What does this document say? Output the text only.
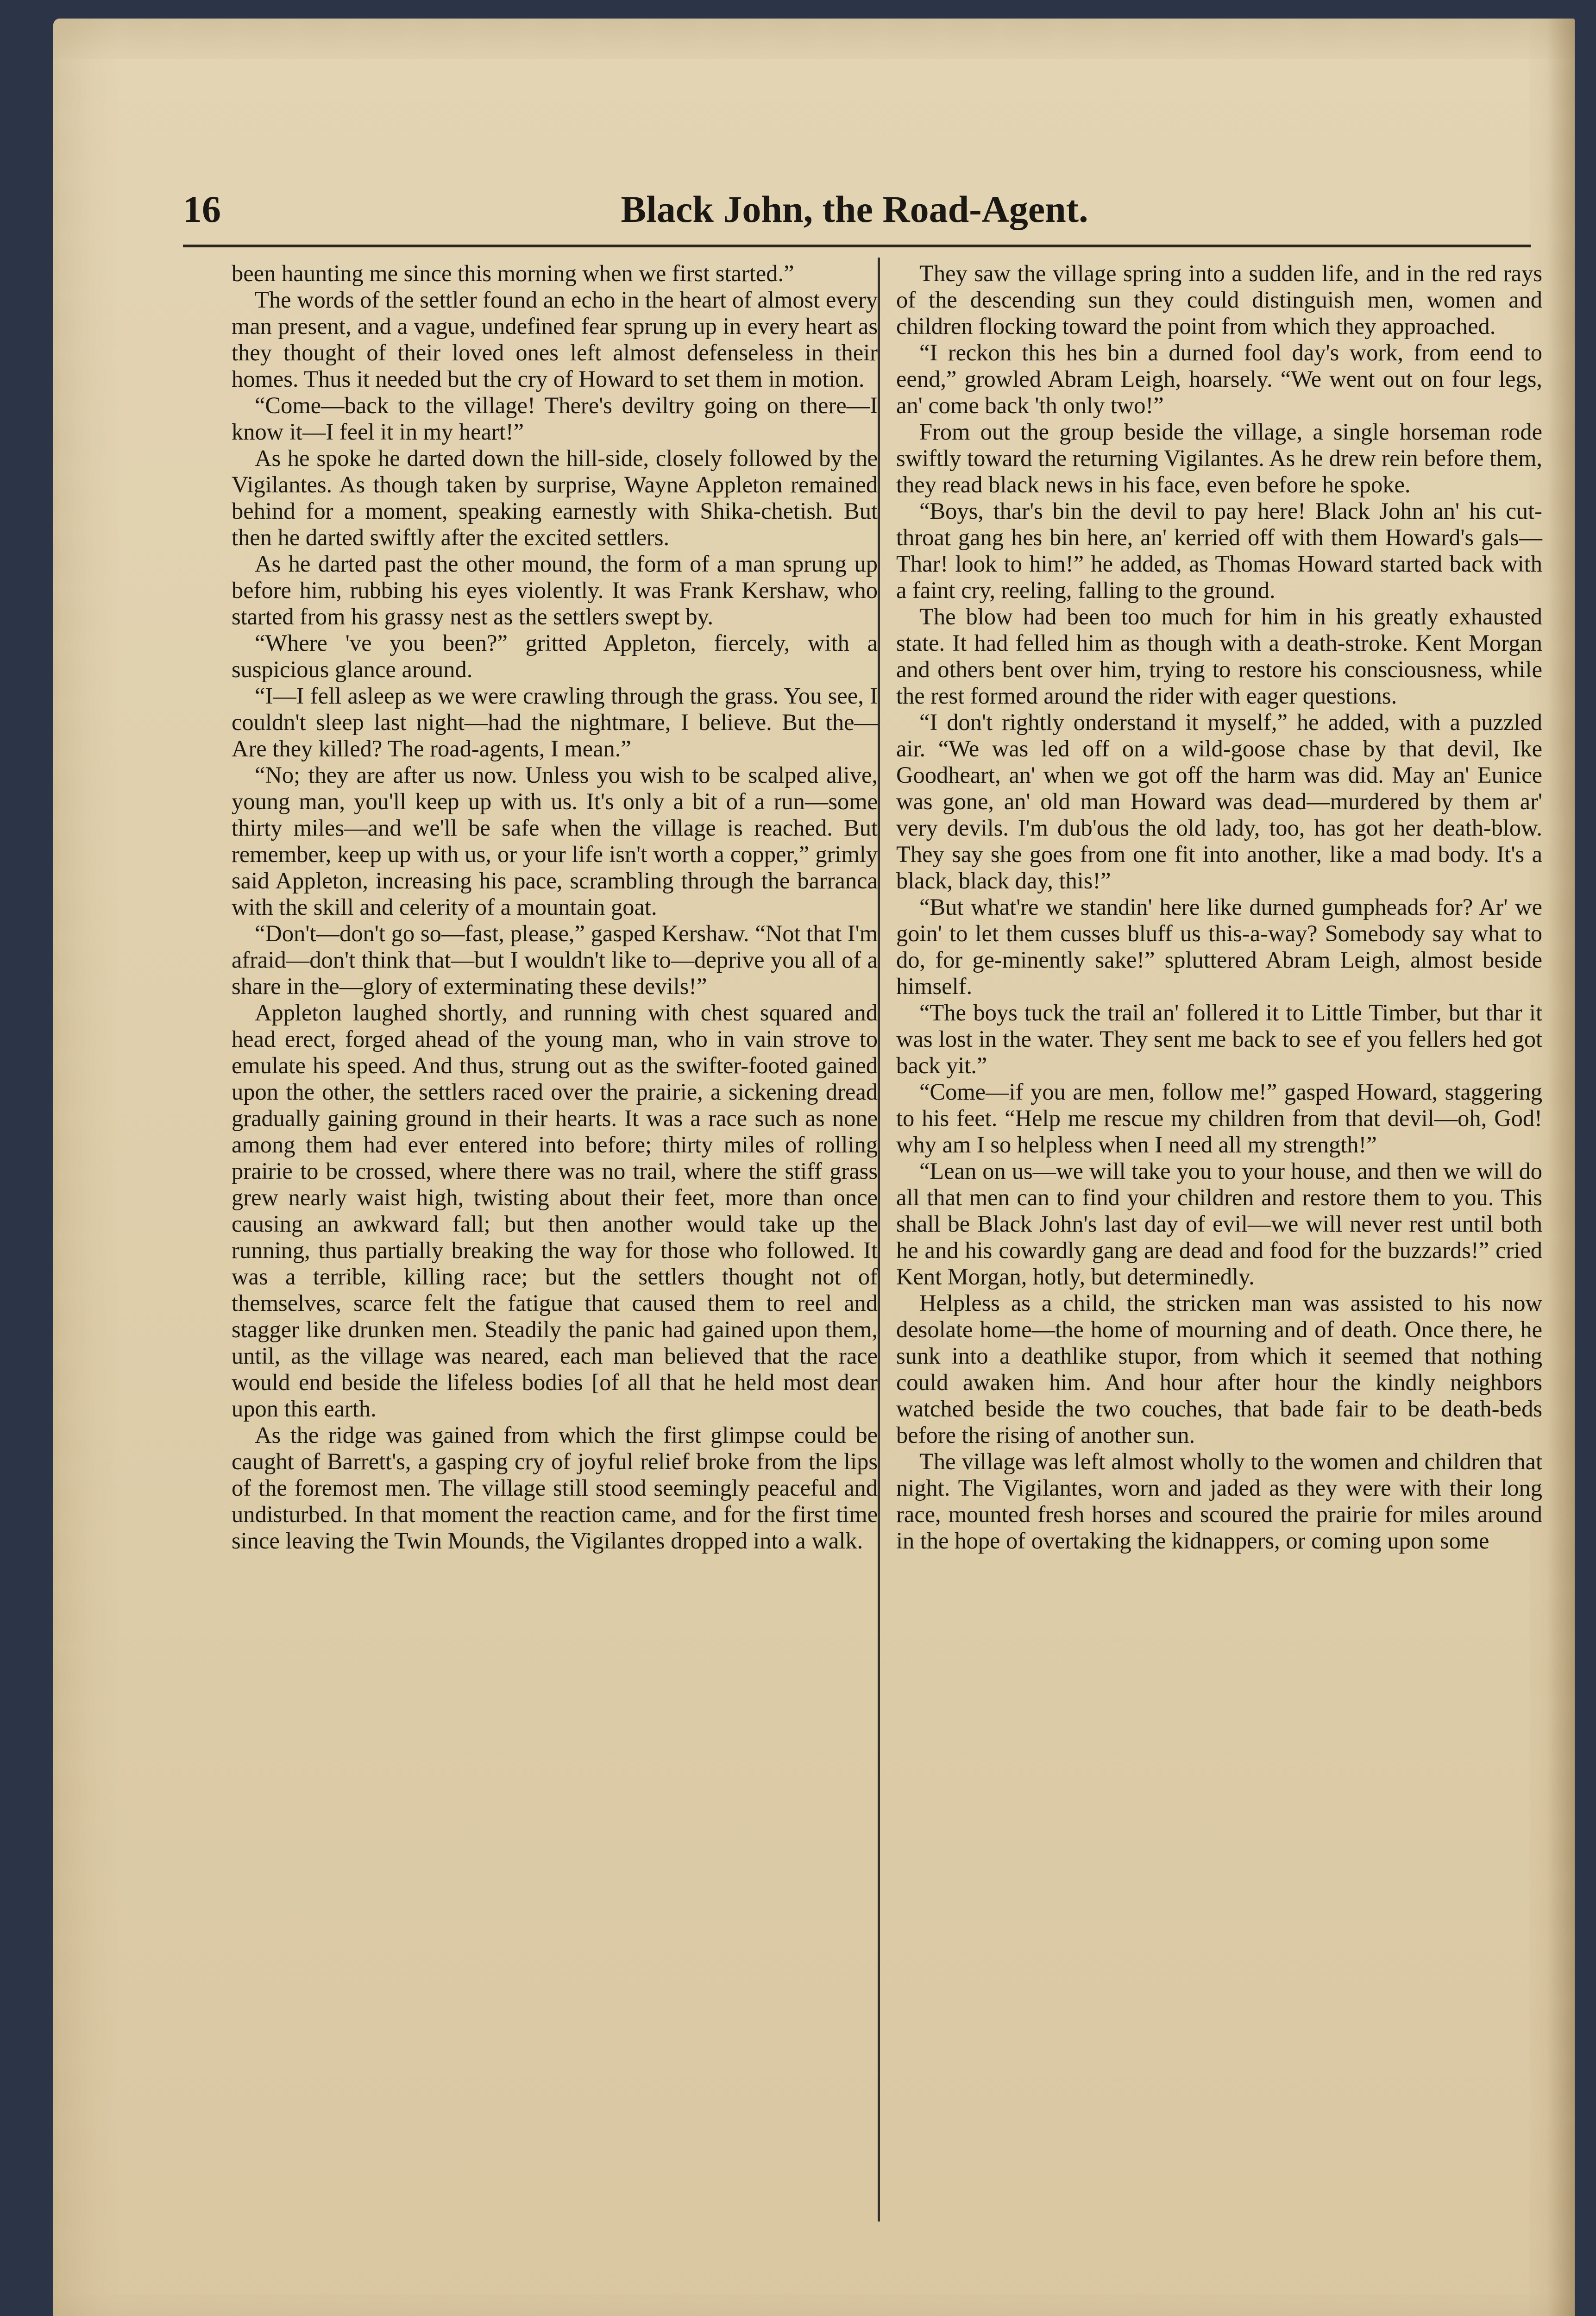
16	Black John, the Road-Agent.

been haunting me since this morning when we first started.”

The words of the settler found an echo in the heart of almost every man present, and a vague, undefined fear sprung up in every heart as they thought of their loved ones left almost defenseless in their homes. Thus it needed but the cry of Howard to set them in motion.

“Come—back to the village! There's deviltry going on there—I know it—I feel it in my heart!”

As he spoke he darted down the hill-side, closely followed by the Vigilantes. As though taken by surprise, Wayne Appleton remained behind for a moment, speaking earnestly with Shika-chetish. But then he darted swiftly after the excited settlers.

As he darted past the other mound, the form of a man sprung up before him, rubbing his eyes violently. It was Frank Kershaw, who started from his grassy nest as the settlers swept by.

“Where 've you been?” gritted Appleton, fiercely, with a suspicious glance around.

“I—I fell asleep as we were crawling through the grass. You see, I couldn't sleep last night—had the nightmare, I believe. But the— Are they killed? The road-agents, I mean.”

“No; they are after us now. Unless you wish to be scalped alive, young man, you'll keep up with us. It's only a bit of a run—some thirty miles—and we'll be safe when the village is reached. But remember, keep up with us, or your life isn't worth a copper,” grimly said Appleton, increasing his pace, scrambling through the barranca with the skill and celerity of a mountain goat.

“Don't—don't go so—fast, please,” gasped Kershaw. “Not that I'm afraid—don't think that—but I wouldn't like to—deprive you all of a share in the—glory of exterminating these devils!”

Appleton laughed shortly, and running with chest squared and head erect, forged ahead of the young man, who in vain strove to emulate his speed. And thus, strung out as the swifter-footed gained upon the other, the settlers raced over the prairie, a sickening dread gradually gaining ground in their hearts. It was a race such as none among them had ever entered into before; thirty miles of rolling prairie to be crossed, where there was no trail, where the stiff grass grew nearly waist high, twisting about their feet, more than once causing an awkward fall; but then another would take up the running, thus partially breaking the way for those who followed. It was a terrible, killing race; but the settlers thought not of themselves, scarce felt the fatigue that caused them to reel and stagger like drunken men. Steadily the panic had gained upon them, until, as the village was neared, each man believed that the race would end beside the lifeless bodies [of all that he held most dear upon this earth.

As the ridge was gained from which the first glimpse could be caught of Barrett's, a gasping cry of joyful relief broke from the lips of the foremost men. The village still stood seemingly peaceful and undisturbed. In that moment the reaction came, and for the first time since leaving the Twin Mounds, the Vigilantes dropped into a walk.

They saw the village spring into a sudden life, and in the red rays of the descending sun they could distinguish men, women and children flocking toward the point from which they approached.

“I reckon this hes bin a durned fool day's work, from eend to eend,” growled Abram Leigh, hoarsely. “We went out on four legs, an' come back 'th only two!”

From out the group beside the village, a single horseman rode swiftly toward the returning Vigilantes. As he drew rein before them, they read black news in his face, even before he spoke.

“Boys, thar's bin the devil to pay here! Black John an' his cut-throat gang hes bin here, an' kerried off with them Howard's gals— Thar! look to him!” he added, as Thomas Howard started back with a faint cry, reeling, falling to the ground.

The blow had been too much for him in his greatly exhausted state. It had felled him as though with a death-stroke. Kent Morgan and others bent over him, trying to restore his consciousness, while the rest formed around the rider with eager questions.

“I don't rightly onderstand it myself,” he added, with a puzzled air. “We was led off on a wild-goose chase by that devil, Ike Goodheart, an' when we got off the harm was did. May an' Eunice was gone, an' old man Howard was dead—murdered by them ar' very devils. I'm dub'ous the old lady, too, has got her death-blow. They say she goes from one fit into another, like a mad body. It's a black, black day, this!”

“But what're we standin' here like durned gumpheads for? Ar' we goin' to let them cusses bluff us this-a-way? Somebody say what to do, for ge-minently sake!” spluttered Abram Leigh, almost beside himself.

“The boys tuck the trail an' follered it to Little Timber, but thar it was lost in the water. They sent me back to see ef you fellers hed got back yit.”

“Come—if you are men, follow me!” gasped Howard, staggering to his feet. “Help me rescue my children from that devil—oh, God! why am I so helpless when I need all my strength!”

“Lean on us—we will take you to your house, and then we will do all that men can to find your children and restore them to you. This shall be Black John's last day of evil—we will never rest until both he and his cowardly gang are dead and food for the buzzards!” cried Kent Morgan, hotly, but determinedly.

Helpless as a child, the stricken man was assisted to his now desolate home—the home of mourning and of death. Once there, he sunk into a deathlike stupor, from which it seemed that nothing could awaken him. And hour after hour the kindly neighbors watched beside the two couches, that bade fair to be death-beds before the rising of another sun.

The village was left almost wholly to the women and children that night. The Vigilantes, worn and jaded as they were with their long race, mounted fresh horses and scoured the prairie for miles around in the hope of overtaking the kidnappers, or coming upon some
